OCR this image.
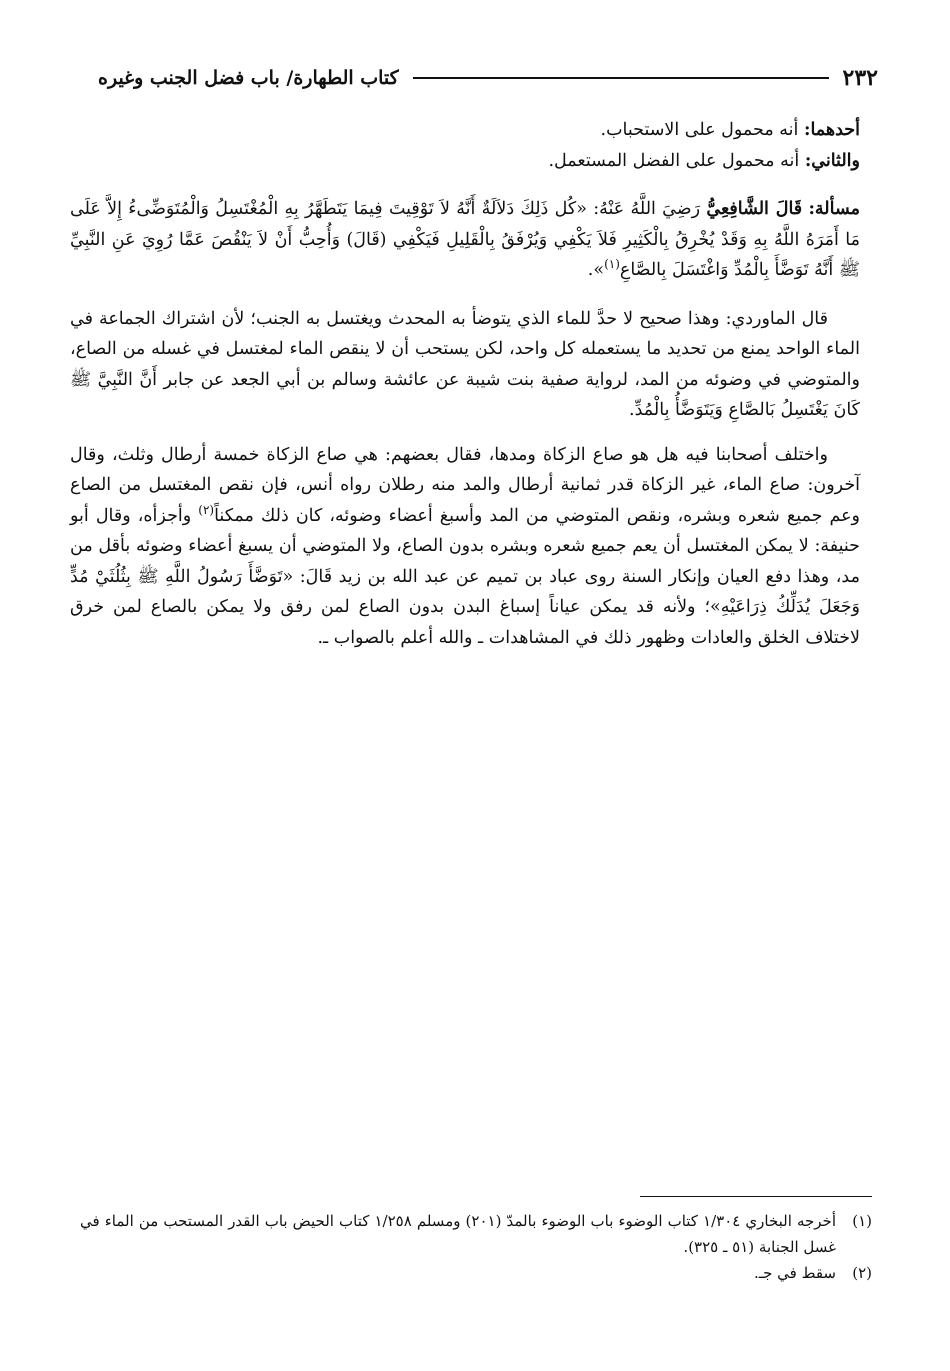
٢٣٢
كتاب الطهارة/ باب فضل الجنب وغيره

أحدهما: أنه محمول على الاستحباب.

والثاني: أنه محمول على الفضل المستعمل.

مسألة: قَالَ الشَّافِعِيُّ رَضِيَ اللَّهُ عَنْهُ: «كُل ذَلِكَ دَلاَلَةٌ أَنَّهُ لاَ تَوْقِيتَ فِيمَا يَتَطَهَّرُ بِهِ الْمُغْتَسِلُ وَالْمُتَوَضِّىءُ إِلاَّ عَلَى مَا أَمَرَهُ اللَّهُ بِهِ وَقَدْ يُخْرِقُ بِالْكَثِيرِ فَلاَ يَكْفِي وَيُرْفَقُ بِالْقَلِيلِ فَيَكْفِي (قَالَ) وَأُحِبُّ أَنْ لاَ يَنْقُصَ عَمَّا رُوِيَ عَنِ النَّبِيِّ ﷺ أَنَّهُ تَوَضَّأَ بِالْمُدِّ وَاغْتَسَلَ بِالصَّاعِ$^{(١)}$».

قال الماوردي: وهذا صحيح لا حدَّ للماء الذي يتوضأ به المحدث ويغتسل به الجنب؛ لأن اشتراك الجماعة في الماء الواحد يمنع من تحديد ما يستعمله كل واحد، لكن يستحب أن لا ينقص الماء لمغتسل في غسله من الصاع، والمتوضي في وضوئه من المد، لرواية صفية بنت شيبة عن عائشة وسالم بن أبي الجعد عن جابر أَنَّ النَّبِيَّ ﷺ كَانَ يَغْتَسِلُ بَالصَّاعِ وَيَتَوَضَّأُ بِالْمُدِّ.

واختلف أصحابنا فيه هل هو صاع الزكاة ومدها، فقال بعضهم: هي صاع الزكاة خمسة أرطال وثلث، وقال آخرون: صاع الماء، غير الزكاة قدر ثمانية أرطال والمد منه رطلان رواه أنس، فإن نقص المغتسل من الصاع وعم جميع شعره وبشره، ونقص المتوضي من المد وأسبغ أعضاء وضوئه، كان ذلك ممكناً$^{(٢)}$ وأجزأه، وقال أبو حنيفة: لا يمكن المغتسل أن يعم جميع شعره وبشره بدون الصاع، ولا المتوضي أن يسبغ أعضاء وضوئه بأقل من مد، وهذا دفع العيان وإنكار السنة روى عباد بن تميم عن عبد الله بن زيد قَالَ: «تَوَضَّأَ رَسُولُ اللَّهِ ﷺ بِثُلُثَيْ مُدٍّ وَجَعَلَ يُدَلِّكُ ذِرَاعَيْهِ»؛ ولأنه قد يمكن عياناً إسباغ البدن بدون الصاع لمن رفق ولا يمكن بالصاع لمن خرق لاختلاف الخلق والعادات وظهور ذلك في المشاهدات ـ والله أعلم بالصواب ـ.

(١)أخرجه البخاري ١/٣٠٤ كتاب الوضوء باب الوضوء بالمدّ (٢٠١) ومسلم ١/٢٥٨ كتاب الحيض باب القدر المستحب من الماء في غسل الجنابة (٥١ ـ ٣٢٥).

(٢)سقط في جـ.
